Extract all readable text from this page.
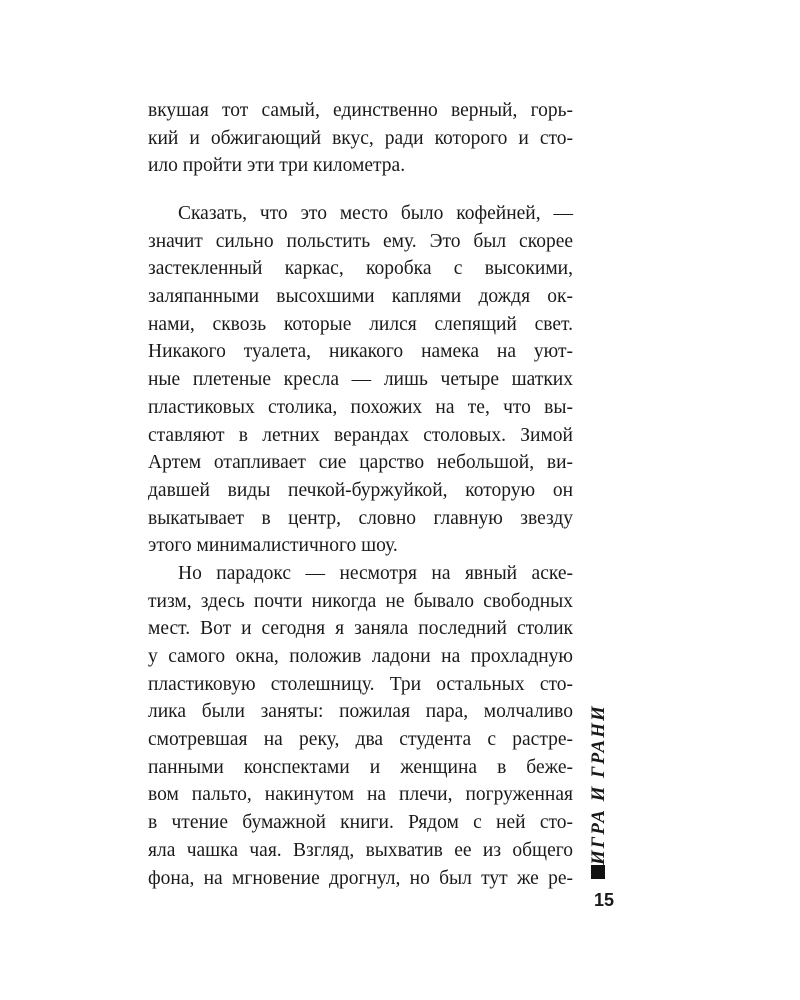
вкушая тот самый, единственно верный, горь-
кий и обжигающий вкус, ради которого и сто-
ило пройти эти три километра.
Сказать, что это место было кофейней, —
значит сильно польстить ему. Это был скорее
застекленный каркас, коробка с высокими,
заляпанными высохшими каплями дождя ок-
нами, сквозь которые лился слепящий свет.
Никакого туалета, никакого намека на уют-
ные плетеные кресла — лишь четыре шатких
пластиковых столика, похожих на те, что вы-
ставляют в летних верандах столовых. Зимой
Артем отапливает сие царство небольшой, ви-
давшей виды печкой-буржуйкой, которую он
выкатывает в центр, словно главную звезду
этого минималистичного шоу.
Но парадокс — несмотря на явный аске-
тизм, здесь почти никогда не бывало свободных
мест. Вот и сегодня я заняла последний столик
у самого окна, положив ладони на прохладную
пластиковую столешницу. Три остальных сто-
лика были заняты: пожилая пара, молчаливо
смотревшая на реку, два студента с растре-
панными конспектами и женщина в беже-
вом пальто, накинутом на плечи, погруженная
в чтение бумажной книги. Рядом с ней сто-
яла чашка чая. Взгляд, выхватив ее из общего
фона, на мгновение дрогнул, но был тут же ре-
ИГРА И ГРАНИ
15
